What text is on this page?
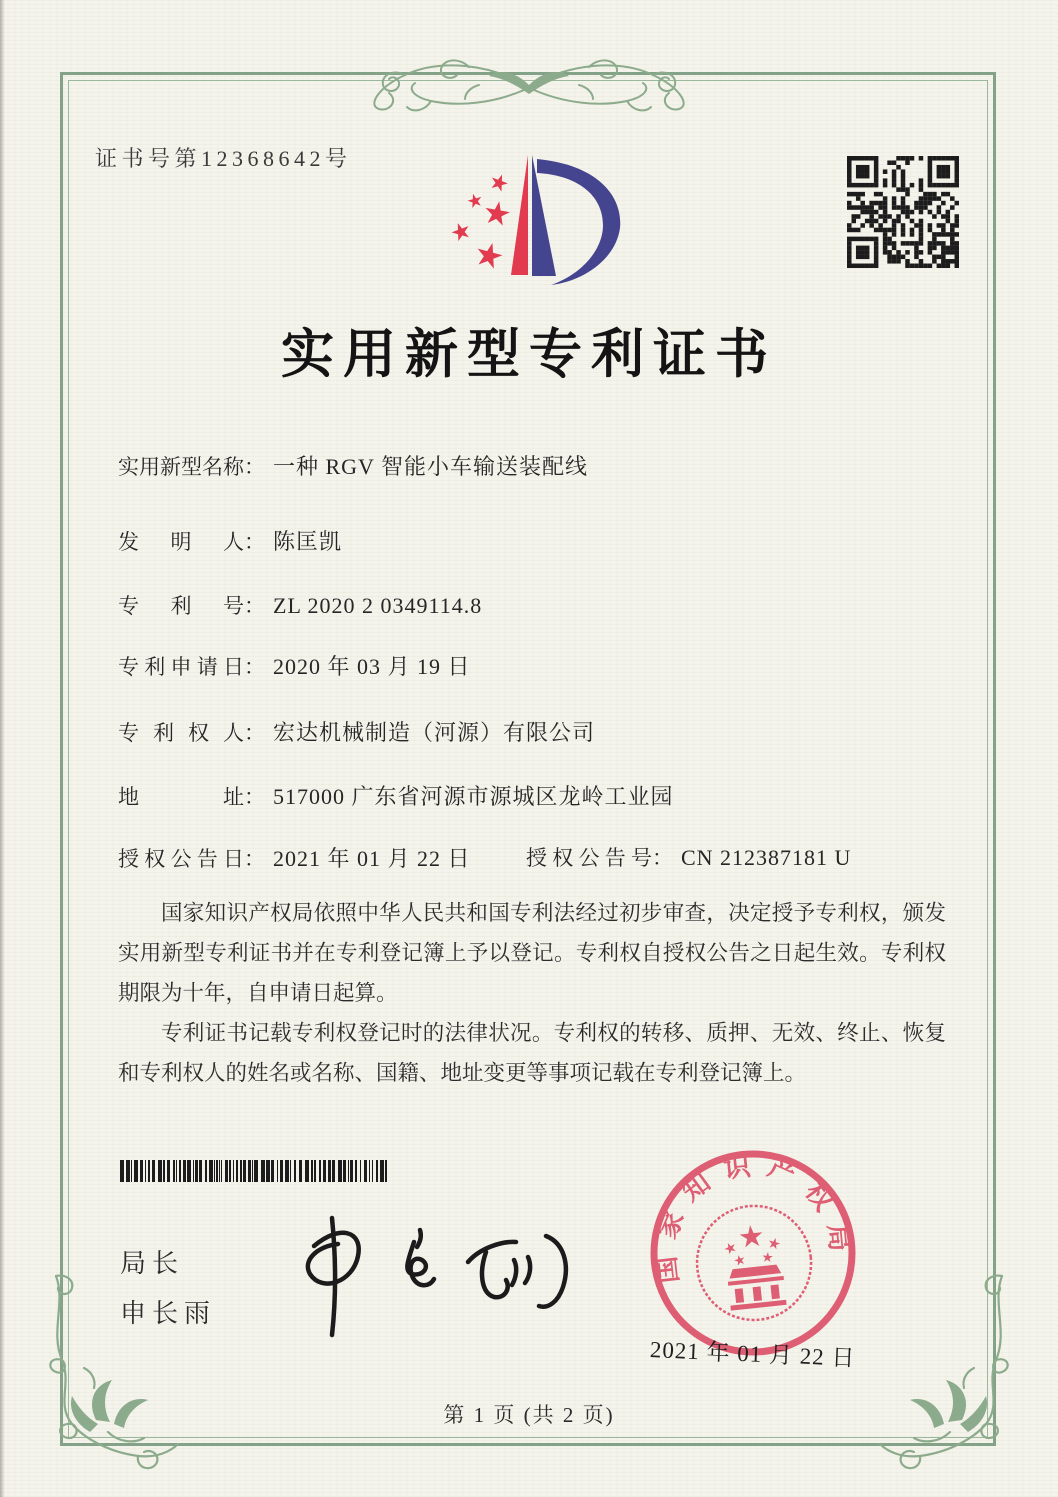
证书号第12368642号
实用新型专利证书
实用新型名称： 一种 RGV 智能小车输送装配线
发明人： 陈匡凯
专利号： ZL 2020 2 0349114.8
专利申请日： 2020 年 03 月 19 日
专利权人： 宏达机械制造（河源）有限公司
地址： 517000 广东省河源市源城区龙岭工业园
授权公告日： 2021 年 01 月 22 日	授权公告号： CN 212387181 U

国家知识产权局依照中华人民共和国专利法经过初步审查，决定授予专利权，颁发实用新型专利证书并在专利登记簿上予以登记。专利权自授权公告之日起生效。专利权期限为十年，自申请日起算。

专利证书记载专利权登记时的法律状况。专利权的转移、质押、无效、终止、恢复和专利权人的姓名或名称、国籍、地址变更等事项记载在专利登记簿上。

局长
申长雨
国家知识产权局
2021 年 01 月 22 日
第 1 页 (共 2 页)
